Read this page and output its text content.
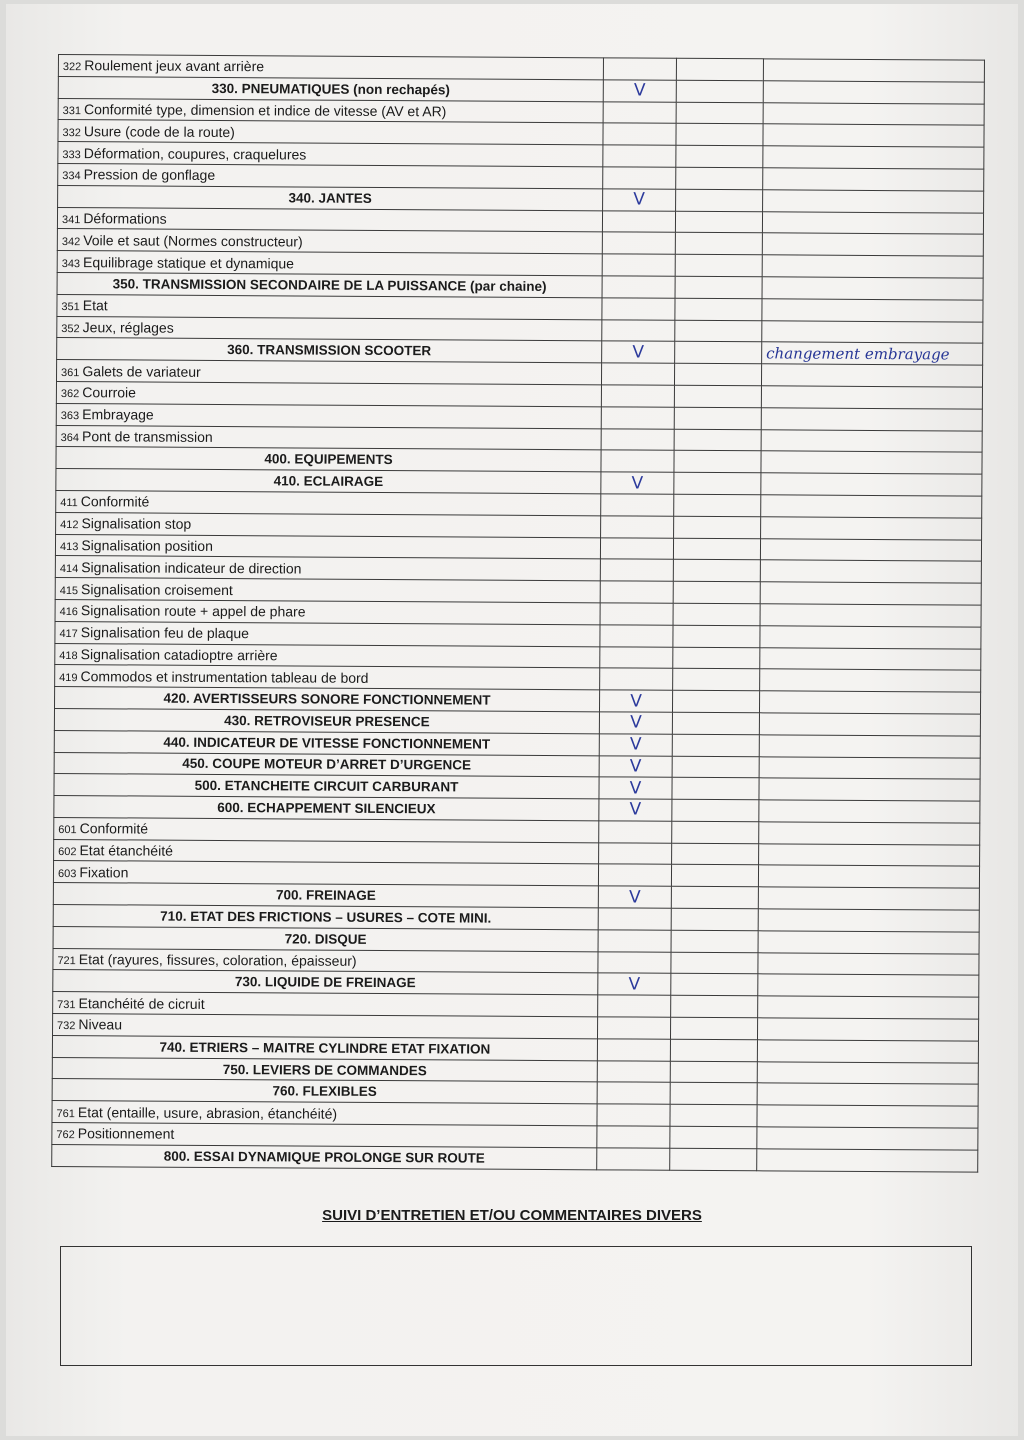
322 Roulement jeux avant arrière	

330. PNEUMATIQUES (non rechapés)	V		

331 Conformité type, dimension et indice de vitesse (AV et AR)	

332 Usure (code de la route)	

333 Déformation, coupures, craquelures	

334 Pression de gonflage	

340. JANTES	V		

341 Déformations	

342 Voile et saut (Normes constructeur)	

343 Equilibrage statique et dynamique	

350. TRANSMISSION SECONDAIRE DE LA PUISSANCE (par chaine)	

351 Etat	

352 Jeux, réglages	

360. TRANSMISSION SCOOTER	V		changement embrayage
361 Galets de variateur	

362 Courroie	

363 Embrayage	

364 Pont de transmission	

400. EQUIPEMENTS	

410. ECLAIRAGE	V		

411 Conformité	

412 Signalisation stop	

413 Signalisation position	

414 Signalisation indicateur de direction	

415 Signalisation croisement	

416 Signalisation route + appel de phare	

417 Signalisation feu de plaque	

418 Signalisation catadioptre arrière	

419 Commodos et instrumentation tableau de bord	

420. AVERTISSEURS SONORE FONCTIONNEMENT	V		

430. RETROVISEUR PRESENCE	V		

440. INDICATEUR DE VITESSE FONCTIONNEMENT	V		

450. COUPE MOTEUR D’ARRET D’URGENCE	V		

500. ETANCHEITE CIRCUIT CARBURANT	V		

600. ECHAPPEMENT SILENCIEUX	V		

601 Conformité	

602 Etat étanchéité	

603 Fixation	

700. FREINAGE	V		

710. ETAT DES FRICTIONS – USURES – COTE MINI.	

720. DISQUE	

721 Etat (rayures, fissures, coloration, épaisseur)	

730. LIQUIDE DE FREINAGE	V		

731 Etanchéité de cicruit	

732 Niveau	

740. ETRIERS – MAITRE CYLINDRE ETAT FIXATION	

750. LEVIERS DE COMMANDES	

760. FLEXIBLES	

761 Etat (entaille, usure, abrasion, étanchéité)	

762 Positionnement	

800. ESSAI DYNAMIQUE PROLONGE SUR ROUTE	

SUIVI D’ENTRETIEN ET/OU COMMENTAIRES DIVERS
